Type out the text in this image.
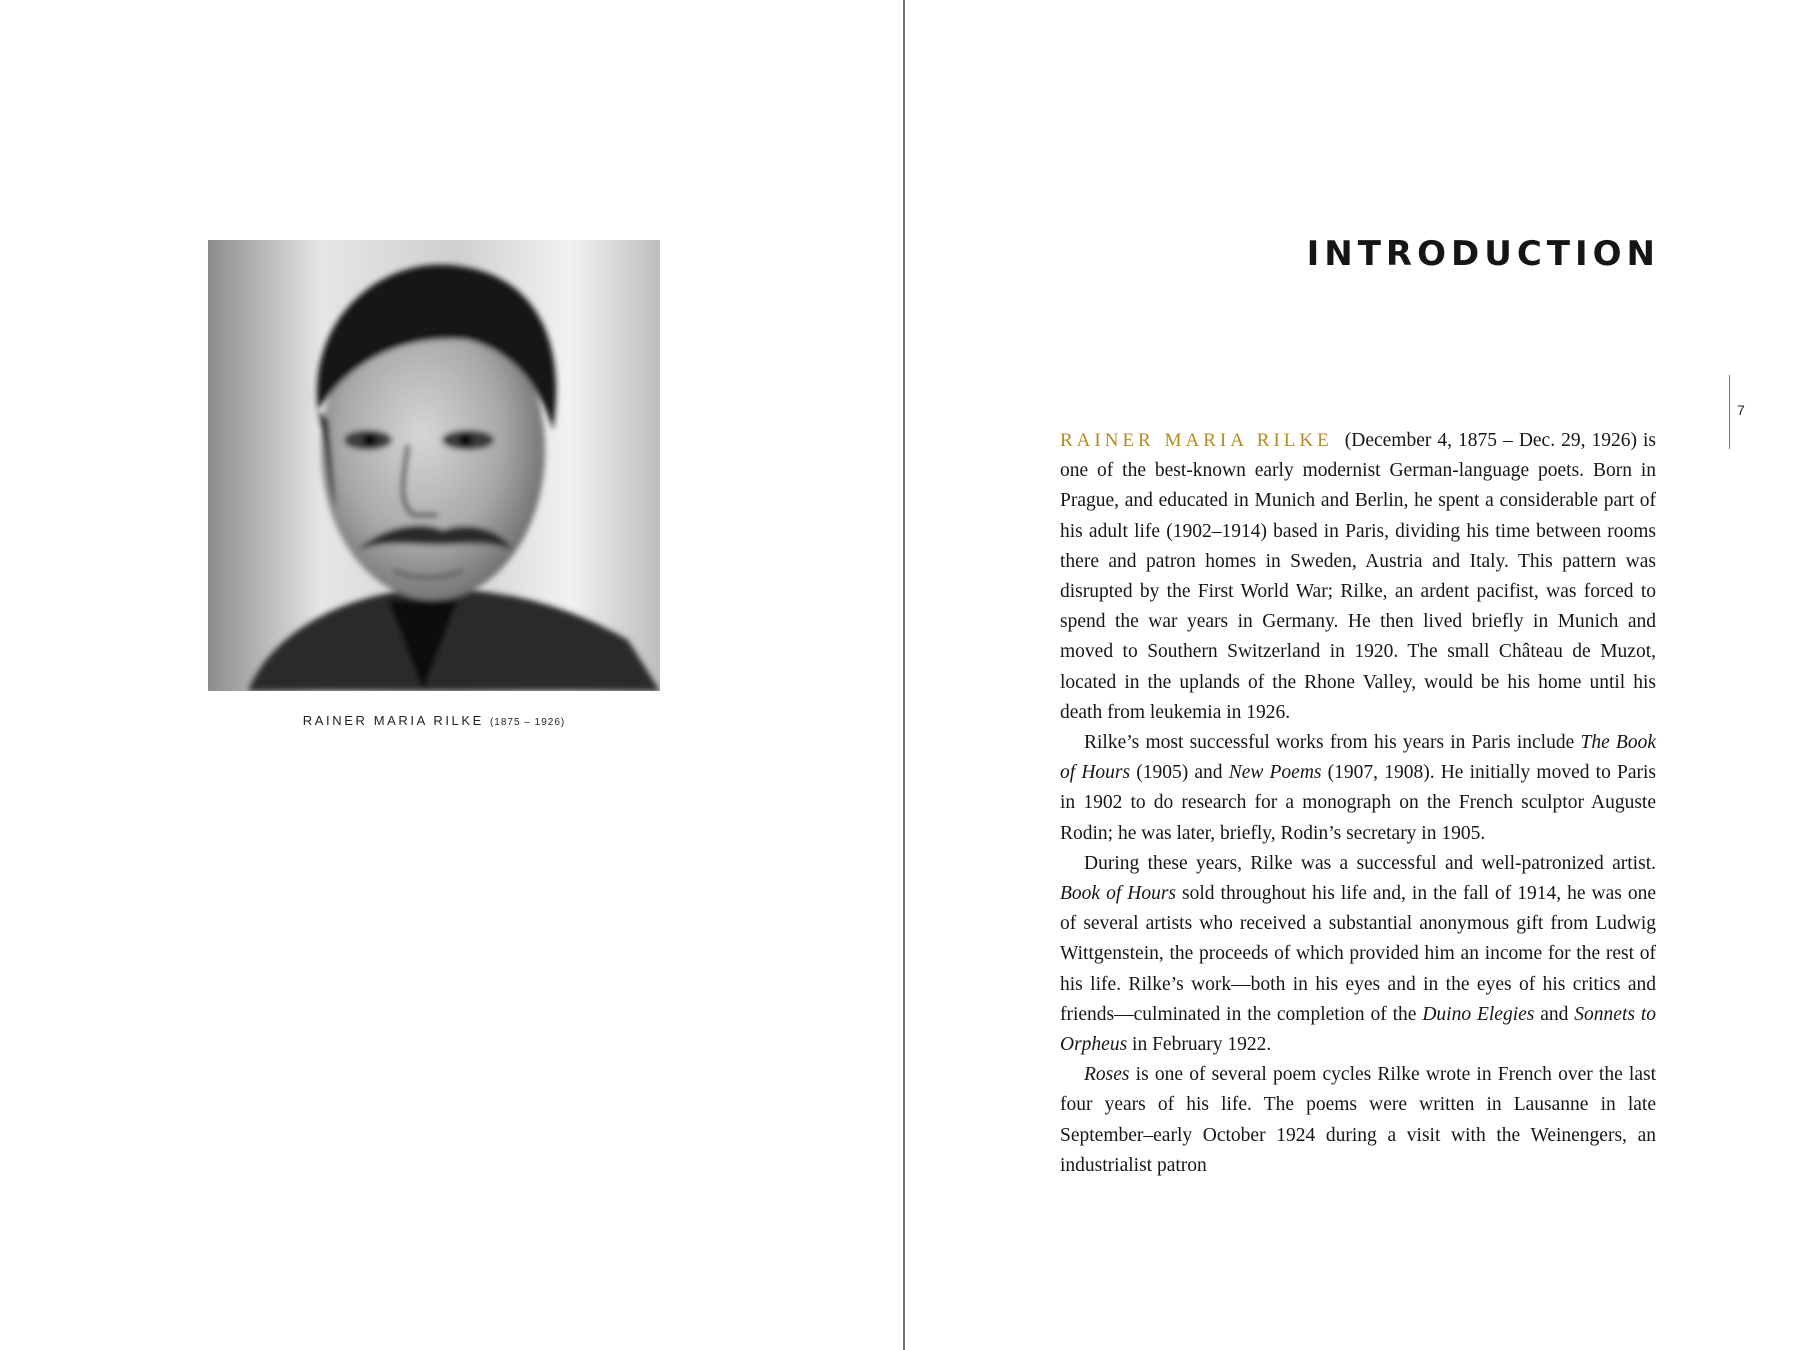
RAINER MARIA RILKE (1875 – 1926)
INTRODUCTION
7

RAINER MARIA RILKE (December 4, 1875 – Dec. 29, 1926) is one of the best-known early modernist German-language poets. Born in Prague, and educated in Munich and Berlin, he spent a considerable part of his adult life (1902–1914) based in Paris, dividing his time between rooms there and patron homes in Sweden, Austria and Italy. This pattern was disrupted by the First World War; Rilke, an ardent pacifist, was forced to spend the war years in Germany. He then lived briefly in Munich and moved to Southern Switzerland in 1920. The small Château de Muzot, located in the uplands of the Rhone Valley, would be his home until his death from leukemia in 1926.

Rilke’s most successful works from his years in Paris include The Book of Hours (1905) and New Poems (1907, 1908). He initially moved to Paris in 1902 to do research for a monograph on the French sculptor Auguste Rodin; he was later, briefly, Rodin’s secretary in 1905.

During these years, Rilke was a successful and well-patronized artist. Book of Hours sold throughout his life and, in the fall of 1914, he was one of several artists who received a substantial anonymous gift from Ludwig Wittgenstein, the proceeds of which provided him an income for the rest of his life. Rilke’s work—both in his eyes and in the eyes of his critics and friends—culminated in the completion of the Duino Elegies and Sonnets to Orpheus in February 1922.

Roses is one of several poem cycles Rilke wrote in French over the last four years of his life. The poems were written in Lausanne in late September–early October 1924 during a visit with the Weinengers, an industrialist patron
